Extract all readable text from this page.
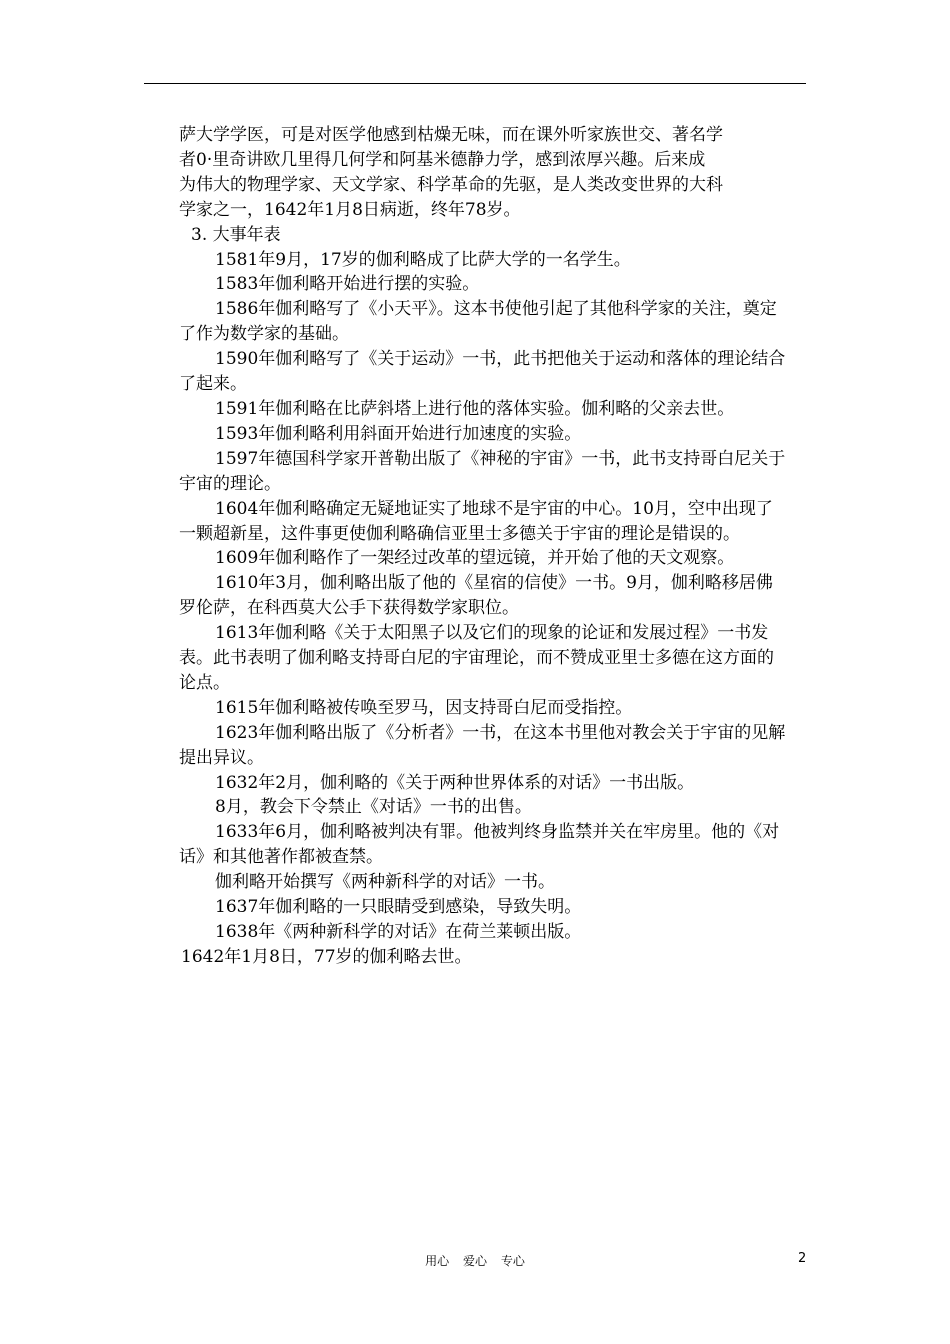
萨大学学医，可是对医学他感到枯燥无味，而在课外听家族世交、著名学

者0·里奇讲欧几里得几何学和阿基米德静力学，感到浓厚兴趣。后来成

为伟大的物理学家、天文学家、科学革命的先驱，是人类改变世界的大科

学家之一，1642年1月8日病逝，终年78岁。

3. 大事年表

1581年9月，17岁的伽利略成了比萨大学的一名学生。

1583年伽利略开始进行摆的实验。

1586年伽利略写了《小天平》。这本书使他引起了其他科学家的关注，奠定了作为数学家的基础。

1590年伽利略写了《关于运动》一书，此书把他关于运动和落体的理论结合了起来。

1591年伽利略在比萨斜塔上进行他的落体实验。伽利略的父亲去世。

1593年伽利略利用斜面开始进行加速度的实验。

1597年德国科学家开普勒出版了《神秘的宇宙》一书，此书支持哥白尼关于宇宙的理论。

1604年伽利略确定无疑地证实了地球不是宇宙的中心。10月，空中出现了一颗超新星，这件事更使伽利略确信亚里士多德关于宇宙的理论是错误的。

1609年伽利略作了一架经过改革的望远镜，并开始了他的天文观察。

1610年3月，伽利略出版了他的《星宿的信使》一书。9月，伽利略移居佛罗伦萨，在科西莫大公手下获得数学家职位。

1613年伽利略《关于太阳黑子以及它们的现象的论证和发展过程》一书发表。此书表明了伽利略支持哥白尼的宇宙理论，而不赞成亚里士多德在这方面的论点。

1615年伽利略被传唤至罗马，因支持哥白尼而受指控。

1623年伽利略出版了《分析者》一书，在这本书里他对教会关于宇宙的见解提出异议。

1632年2月，伽利略的《关于两种世界体系的对话》一书出版。

8月，教会下令禁止《对话》一书的出售。

1633年6月，伽利略被判决有罪。他被判终身监禁并关在牢房里。他的《对话》和其他著作都被查禁。

伽利略开始撰写《两种新科学的对话》一书。

1637年伽利略的一只眼睛受到感染，导致失明。

1638年《两种新科学的对话》在荷兰莱顿出版。

1642年1月8日，77岁的伽利略去世。

用心 爱心 专心	2
